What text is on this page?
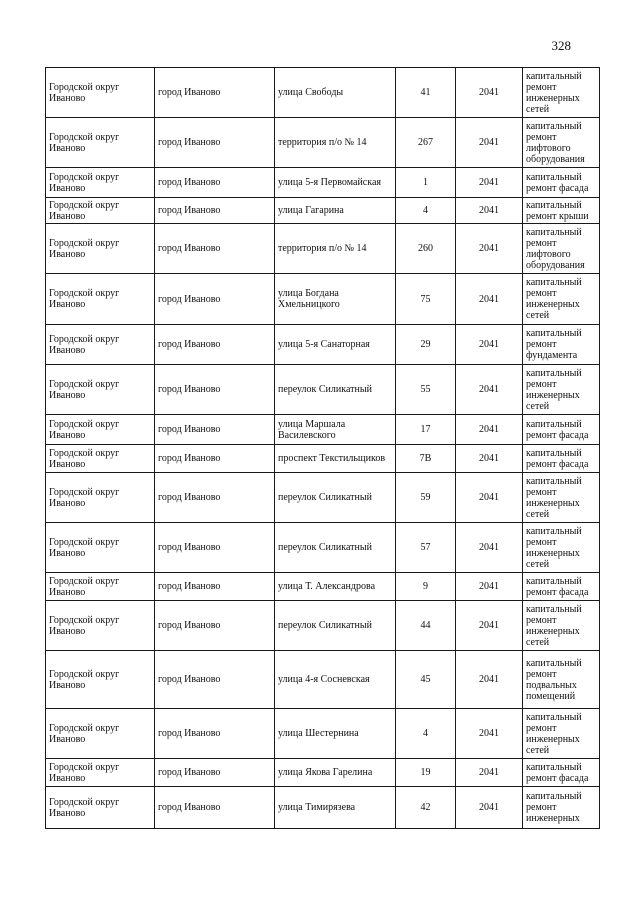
328
Городской округ Иваново	город Иваново	улица Свободы	41	2041	капитальный ремонт инженерных сетей
Городской округ Иваново	город Иваново	территория п/о № 14	267	2041	капитальный ремонт лифтового оборудования
Городской округ Иваново	город Иваново	улица 5-я Первомайская	1	2041	капитальный ремонт фасада
Городской округ Иваново	город Иваново	улица Гагарина	4	2041	капитальный ремонт крыши
Городской округ Иваново	город Иваново	территория п/о № 14	260	2041	капитальный ремонт лифтового оборудования
Городской округ Иваново	город Иваново	улица Богдана Хмельницкого	75	2041	капитальный ремонт инженерных сетей
Городской округ Иваново	город Иваново	улица 5-я Санаторная	29	2041	капитальный ремонт фундамента
Городской округ Иваново	город Иваново	переулок Силикатный	55	2041	капитальный ремонт инженерных сетей
Городской округ Иваново	город Иваново	улица Маршала Василевского	17	2041	капитальный ремонт фасада
Городской округ Иваново	город Иваново	проспект Текстильщиков	7В	2041	капитальный ремонт фасада
Городской округ Иваново	город Иваново	переулок Силикатный	59	2041	капитальный ремонт инженерных сетей
Городской округ Иваново	город Иваново	переулок Силикатный	57	2041	капитальный ремонт инженерных сетей
Городской округ Иваново	город Иваново	улица Т. Александрова	9	2041	капитальный ремонт фасада
Городской округ Иваново	город Иваново	переулок Силикатный	44	2041	капитальный ремонт инженерных сетей
Городской округ Иваново	город Иваново	улица 4-я Сосневская	45	2041	капитальный ремонт подвальных помещений
Городской округ Иваново	город Иваново	улица Шестернина	4	2041	капитальный ремонт инженерных сетей
Городской округ Иваново	город Иваново	улица Якова Гарелина	19	2041	капитальный ремонт фасада
Городской округ Иваново	город Иваново	улица Тимирязева	42	2041	капитальный ремонт инженерных
